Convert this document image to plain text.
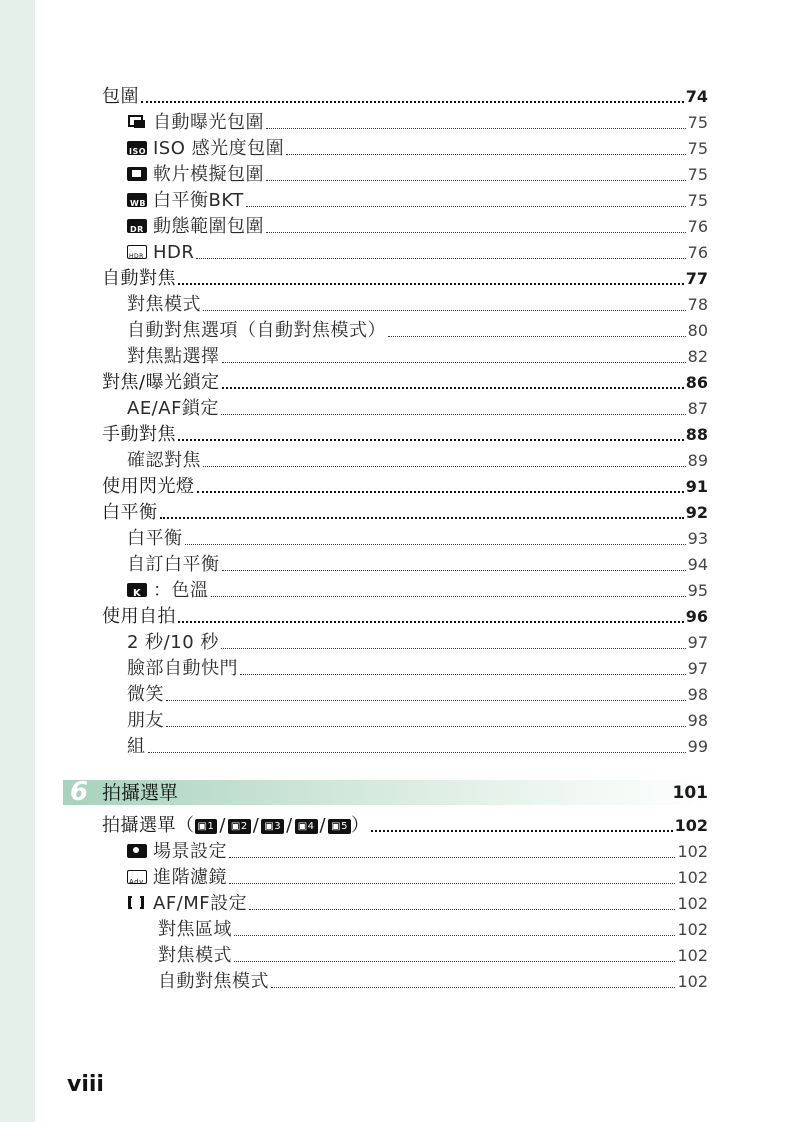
包圍	74
自動曝光包圍	75
ISOISO 感光度包圍	75
軟片模擬包圍	75
WB白平衡BKT	75
DR動態範圍包圍	76
HDRHDR	76
自動對焦	77
對焦模式	78
自動對焦選項（自動對焦模式）	80
對焦點選擇	82
對焦/曝光鎖定	86
AE/AF鎖定	87
手動對焦	88
確認對焦	89
使用閃光燈	91
白平衡	92
白平衡	93
自訂白平衡	94
K：色溫	95
使用自拍	96
2 秒/10 秒	97
臉部自動快門	97
微笑	98
朋友	98
組	99
6 拍攝選單	101
拍攝選單（ ▣1 / ▣2 / ▣3 / ▣4 / ▣5 ）	102
場景設定	102
Adv進階濾鏡	102
AF/MF設定	102
對焦區域	102
對焦模式	102
自動對焦模式	102
viii
